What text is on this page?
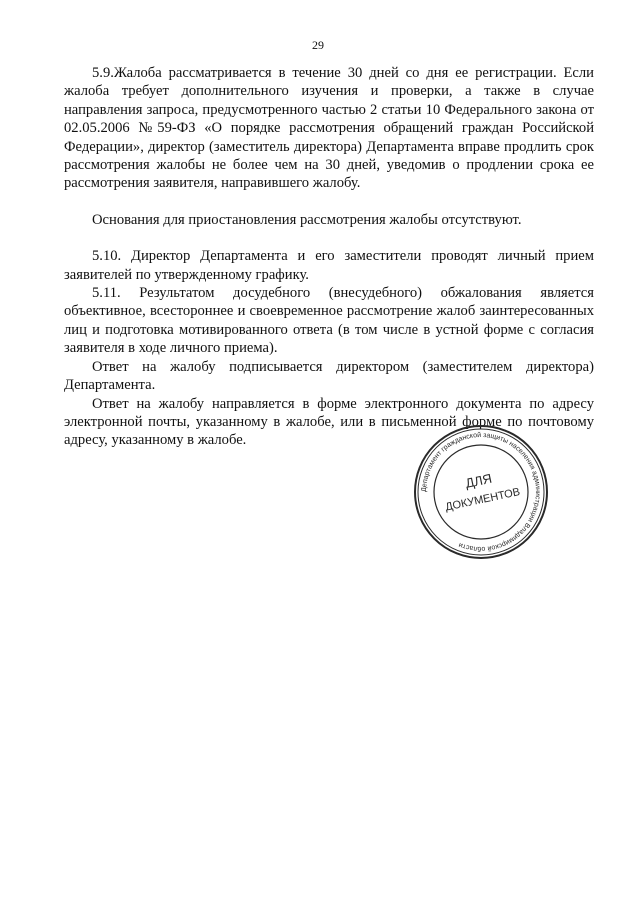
29

5.9.Жалоба рассматривается в течение 30 дней со дня ее регистрации. Если жалоба требует дополнительного изучения и проверки, а также в случае направления запроса, предусмотренного частью 2 статьи 10 Федерального закона от 02.05.2006 №59-ФЗ «О порядке рассмотрения обращений граждан Российской Федерации», директор (заместитель директора) Департамента вправе продлить срок рассмотрения жалобы не более чем на 30 дней, уведомив о продлении срока ее рассмотрения заявителя, направившего жалобу.

Основания для приостановления рассмотрения жалобы отсутствуют.

5.10. Директор Департамента и его заместители проводят личный прием заявителей по утвержденному графику.

5.11. Результатом досудебного (внесудебного) обжалования является объективное, всестороннее и своевременное рассмотрение жалоб заинтересованных лиц и подготовка мотивированного ответа (в том числе в устной форме с согласия заявителя в ходе личного приема).

Ответ на жалобу подписывается директором (заместителем директора) Департамента.

Ответ на жалобу направляется в форме электронного документа по адресу электронной почты, указанному в жалобе, или в письменной форме по почтовому адресу, указанному в жалобе.

Департамент гражданской защиты населения администрации Владимирской области
ДЛЯ
ДОКУМЕНТОВ
